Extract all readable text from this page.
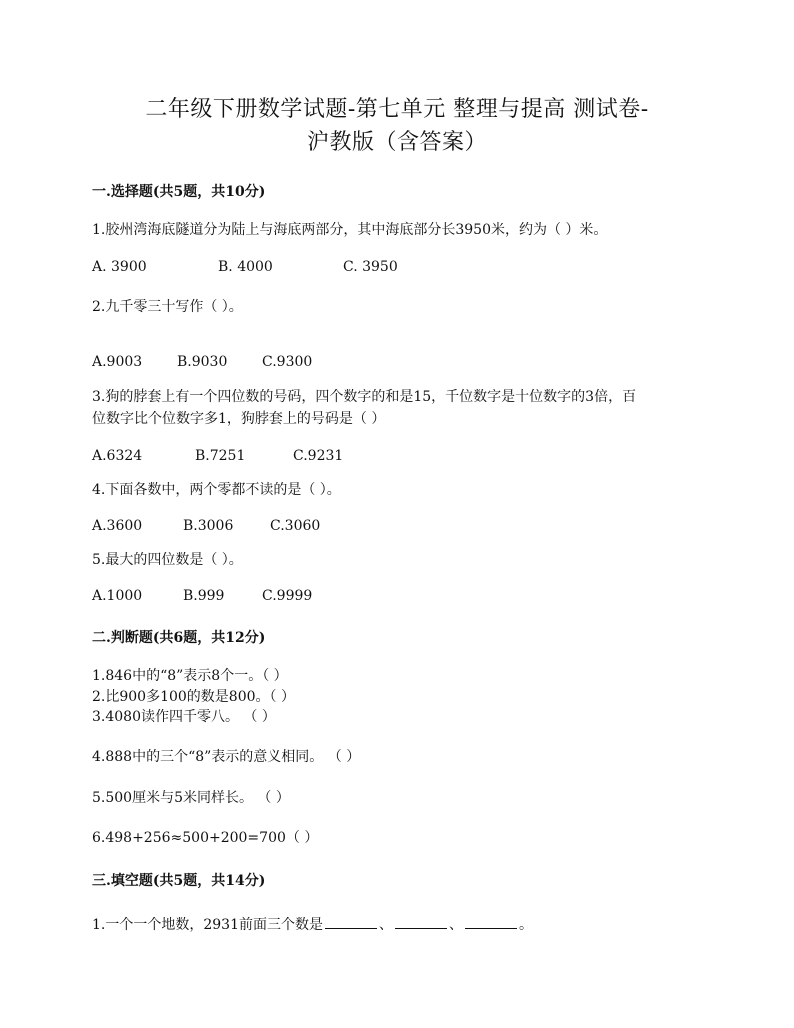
二年级下册数学试题-第七单元 整理与提高 测试卷-
沪教版（含答案）
一.选择题(共5题，共10分)
1.胶州湾海底隧道分为陆上与海底两部分，其中海底部分长3950米，约为（ ）米。
A. 3900	B. 4000	C. 3950
2.九千零三十写作（ ）。
A.9003 B.9030 C.9300
3.狗的脖套上有一个四位数的号码，四个数字的和是15，千位数字是十位数字的3倍，百
位数字比个位数字多1，狗脖套上的号码是（ ）
A.6324	B.7251	C.9231
4.下面各数中，两个零都不读的是（ ）。
A.3600	B.3006	C.3060
5.最大的四位数是（ ）。
A.1000	B.999	C.9999
二.判断题(共6题，共12分)
1.846中的“8”表示8个一。（ ）
2.比900多100的数是800。（ ）
3.4080读作四千零八。 （ ）
4.888中的三个“8”表示的意义相同。 （ ）
5.500厘米与5米同样长。 （ ）
6.498+256≈500+200=700（ ）
三.填空题(共5题，共14分)
1.一个一个地数，2931前面三个数是	、	、	。
